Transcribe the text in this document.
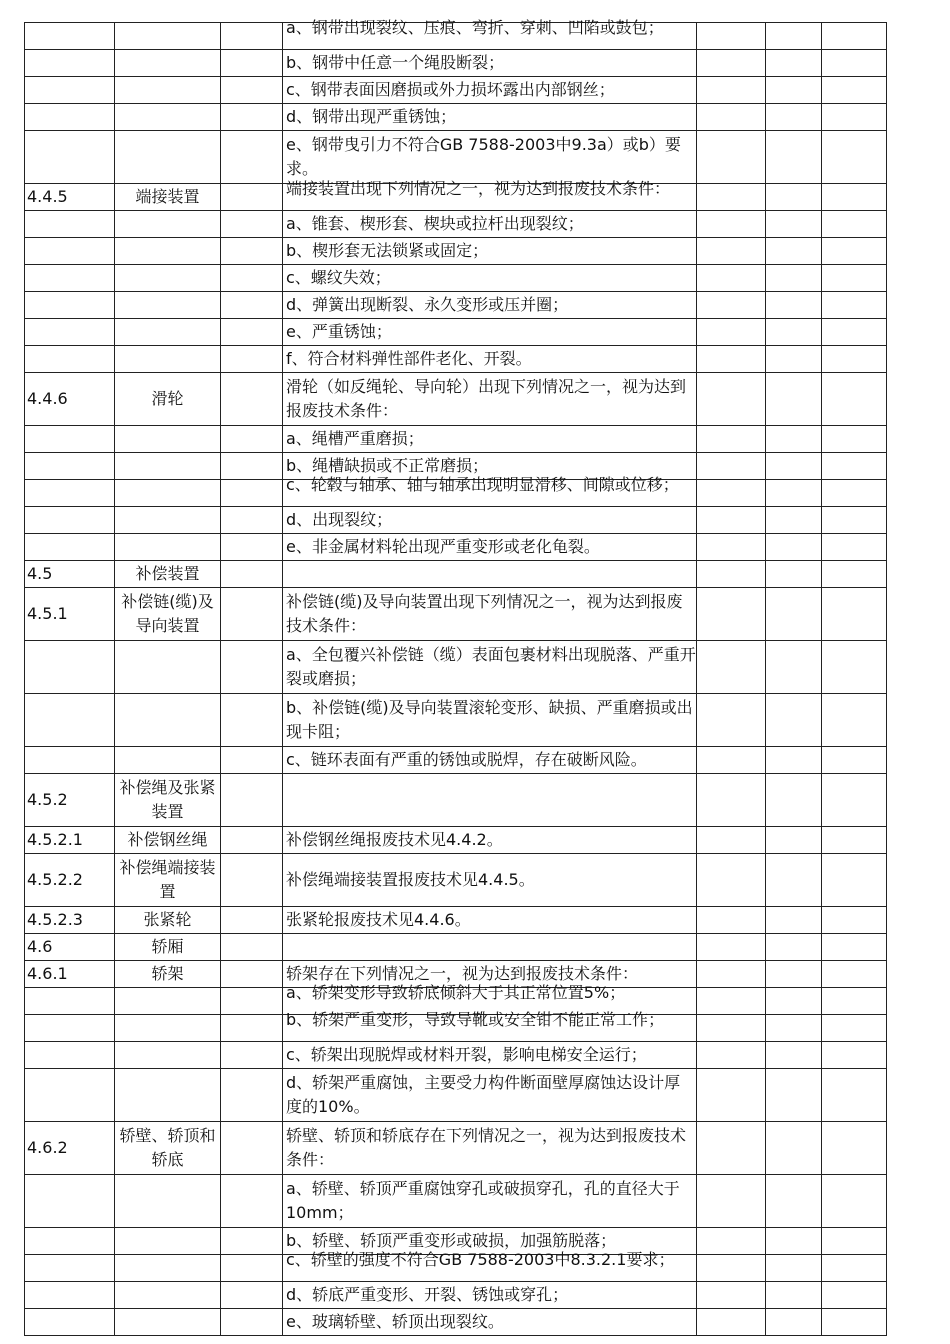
			a、钢带出现裂纹、压痕、弯折、穿刺、凹陷或鼓包；			

			b、钢带中任意一个绳股断裂；			

			c、钢带表面因磨损或外力损坏露出内部钢丝；			

			d、钢带出现严重锈蚀；			

			e、钢带曳引力不符合GB 7588-2003中9.3a）或b）要求。			

4.4.5	端接装置		端接装置出现下列情况之一，视为达到报废技术条件：			

			a、锥套、楔形套、楔块或拉杆出现裂纹；			

			b、楔形套无法锁紧或固定；			

			c、螺纹失效；			

			d、弹簧出现断裂、永久变形或压并圈；			

			e、严重锈蚀；			

			f、符合材料弹性部件老化、开裂。			

4.4.6	滑轮		滑轮（如反绳轮、导向轮）出现下列情况之一，视为达到报废技术条件：			

			a、绳槽严重磨损；			

			b、绳槽缺损或不正常磨损；			

			c、轮毂与轴承、轴与轴承出现明显滑移、间隙或位移；			

			d、出现裂纹；			

			e、非金属材料轮出现严重变形或老化龟裂。			

4.5	补偿装置		

4.5.1	补偿链(缆)及导向装置		补偿链(缆)及导向装置出现下列情况之一，视为达到报废技术条件：			

			a、全包覆兴补偿链（缆）表面包裹材料出现脱落、严重开裂或磨损；			

			b、补偿链(缆)及导向装置滚轮变形、缺损、严重磨损或出现卡阻；			

			c、链环表面有严重的锈蚀或脱焊，存在破断风险。			

4.5.2	补偿绳及张紧装置		

4.5.2.1	补偿钢丝绳		补偿钢丝绳报废技术见4.4.2。			

4.5.2.2	补偿绳端接装置		补偿绳端接装置报废技术见4.4.5。			

4.5.2.3	张紧轮		张紧轮报废技术见4.4.6。			

4.6	轿厢		

4.6.1	轿架		轿架存在下列情况之一，视为达到报废技术条件：			

			a、轿架变形导致轿底倾斜大于其正常位置5%；			

			b、轿架严重变形，导致导靴或安全钳不能正常工作；			

			c、轿架出现脱焊或材料开裂，影响电梯安全运行；			

			d、轿架严重腐蚀，主要受力构件断面壁厚腐蚀达设计厚度的10%。			

4.6.2	轿壁、轿顶和轿底		轿壁、轿顶和轿底存在下列情况之一，视为达到报废技术条件：			

			a、轿壁、轿顶严重腐蚀穿孔或破损穿孔，孔的直径大于10mm；			

			b、轿壁、轿顶严重变形或破损，加强筋脱落；			

			c、轿壁的强度不符合GB 7588-2003中8.3.2.1要求；			

			d、轿底严重变形、开裂、锈蚀或穿孔；			

			e、玻璃轿壁、轿顶出现裂纹。			
